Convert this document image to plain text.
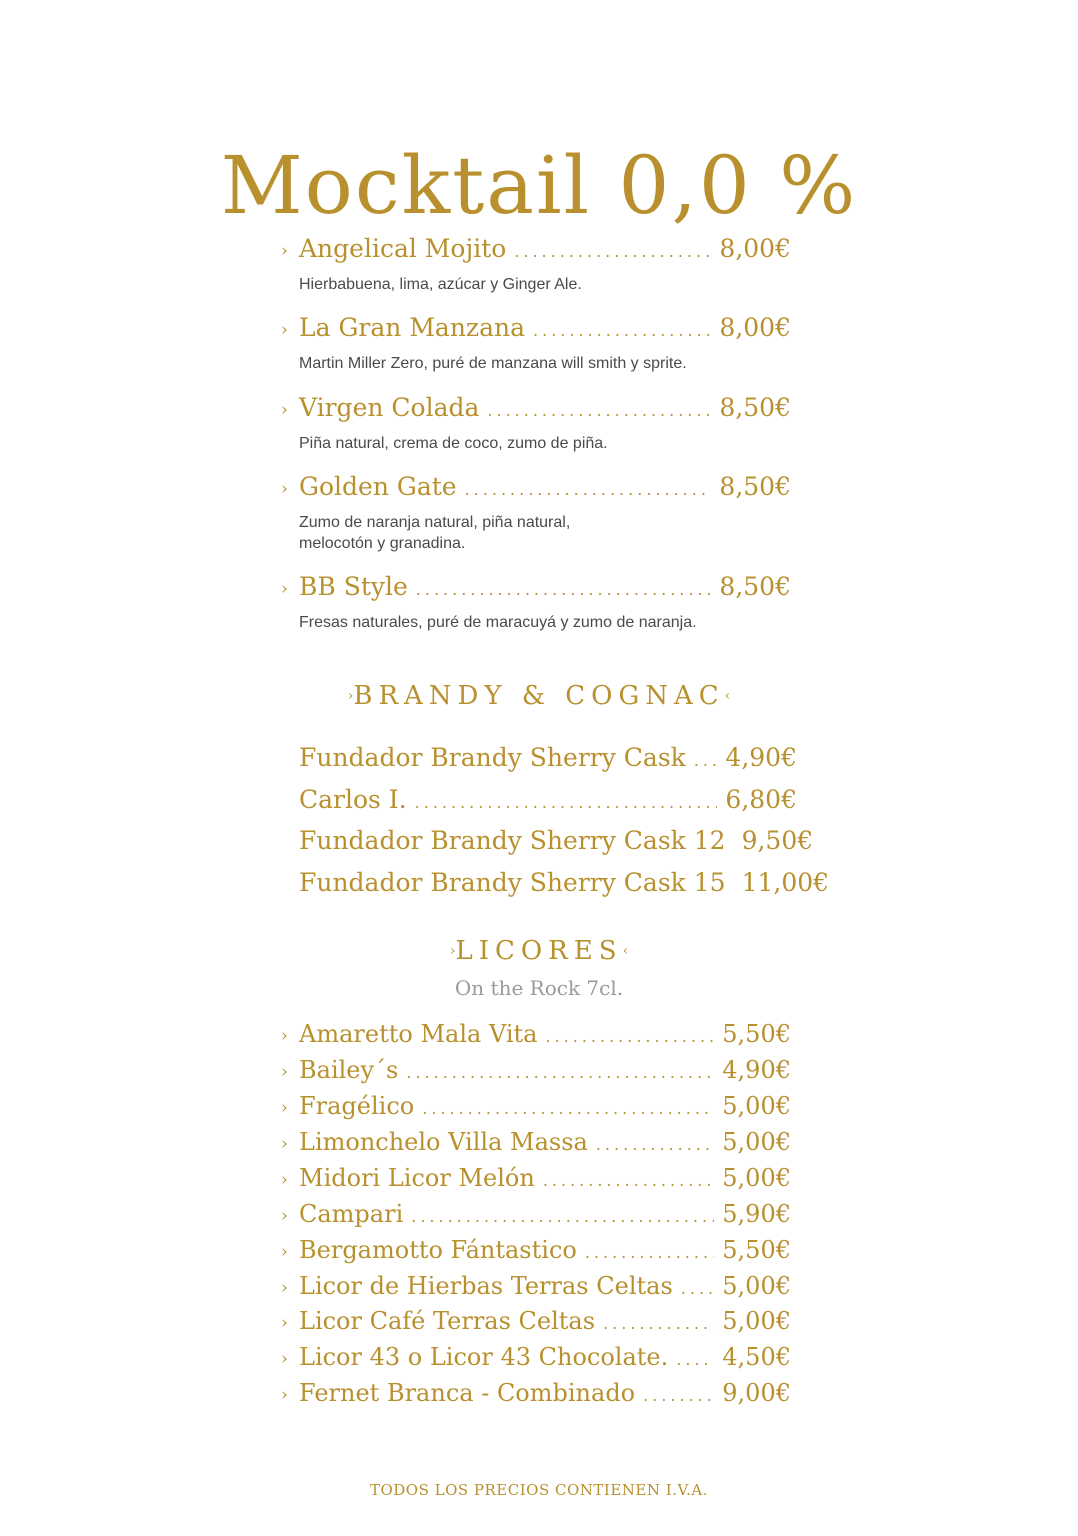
Mocktail 0,0 %
› Angelical Mojito .....	8,00€
Hierbabuena, lima, azúcar y Ginger Ale.
› La Gran Manzana .....	8,00€
Martin Miller Zero, puré de manzana will smith y sprite.
› Virgen Colada .....	8,50€
Piña natural, crema de coco, zumo de piña.
› Golden Gate .....	8,50€
Zumo de naranja natural, piña natural,
melocotón y granadina.
› BB Style .....	8,50€
Fresas naturales, puré de maracuyá y zumo de naranja.
›BRANDY & COGNAC‹
Fundador Brandy Sherry Cask ..... 4,90€
Carlos I. .....	6,80€
Fundador Brandy Sherry Cask 12 9,50€
Fundador Brandy Sherry Cask 15 11,00€
›LICORES‹
On the Rock 7cl.
› Amaretto Mala Vita .....	5,50€
› Bailey´s .....	4,90€
› Fragélico .....	5,00€
› Limonchelo Villa Massa .....	5,00€
› Midori Licor Melón .....	5,00€
› Campari .....	5,90€
› Bergamotto Fántastico .....	5,50€
› Licor de Hierbas Terras Celtas ..... 5,00€
› Licor Café Terras Celtas .....	5,00€
› Licor 43 o Licor 43 Chocolate. ..... 4,50€
› Fernet Branca - Combinado .....	9,00€
TODOS LOS PRECIOS CONTIENEN I.V.A.
